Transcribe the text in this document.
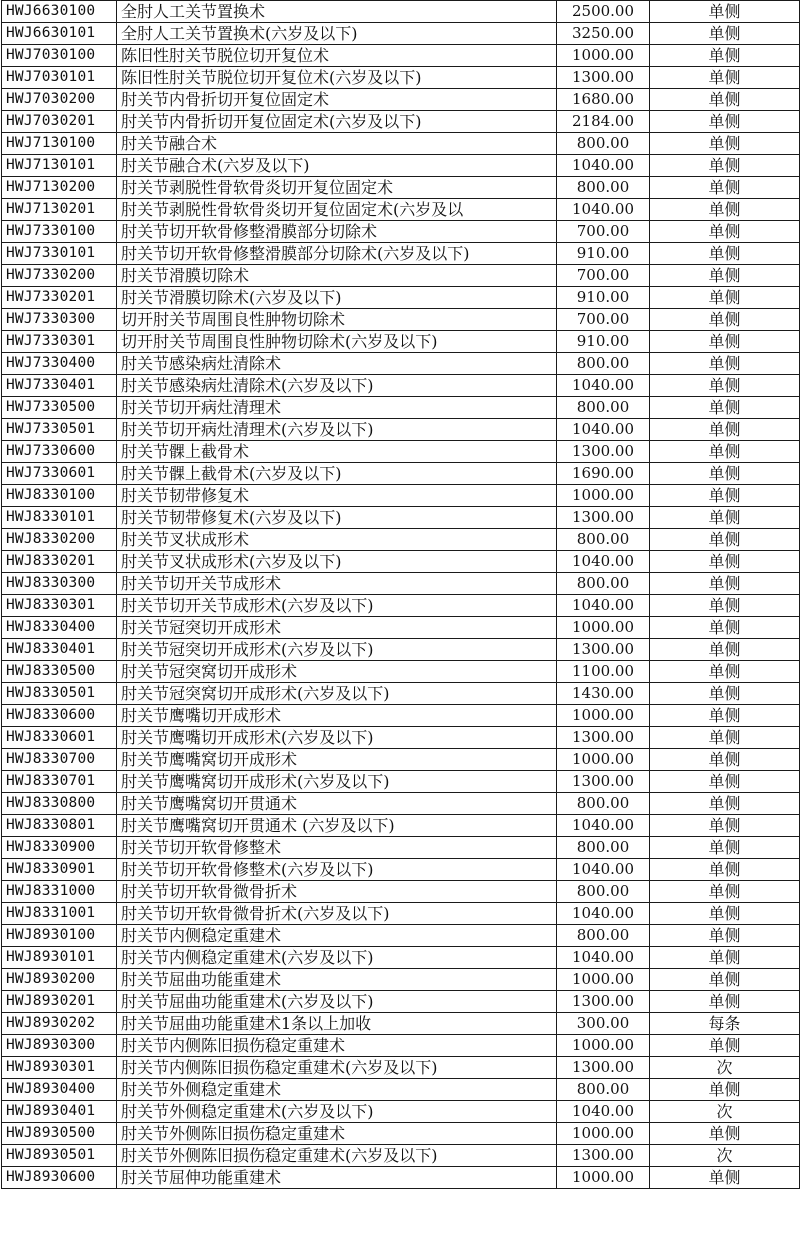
HWJ6630100	全肘人工关节置换术	2500.00	单侧
HWJ6630101	全肘人工关节置换术(六岁及以下)	3250.00	单侧
HWJ7030100	陈旧性肘关节脱位切开复位术	1000.00	单侧
HWJ7030101	陈旧性肘关节脱位切开复位术(六岁及以下)	1300.00	单侧
HWJ7030200	肘关节内骨折切开复位固定术	1680.00	单侧
HWJ7030201	肘关节内骨折切开复位固定术(六岁及以下)	2184.00	单侧
HWJ7130100	肘关节融合术	800.00	单侧
HWJ7130101	肘关节融合术(六岁及以下)	1040.00	单侧
HWJ7130200	肘关节剥脱性骨软骨炎切开复位固定术	800.00	单侧
HWJ7130201	肘关节剥脱性骨软骨炎切开复位固定术(六岁及以	1040.00	单侧
HWJ7330100	肘关节切开软骨修整滑膜部分切除术	700.00	单侧
HWJ7330101	肘关节切开软骨修整滑膜部分切除术(六岁及以下)	910.00	单侧
HWJ7330200	肘关节滑膜切除术	700.00	单侧
HWJ7330201	肘关节滑膜切除术(六岁及以下)	910.00	单侧
HWJ7330300	切开肘关节周围良性肿物切除术	700.00	单侧
HWJ7330301	切开肘关节周围良性肿物切除术(六岁及以下)	910.00	单侧
HWJ7330400	肘关节感染病灶清除术	800.00	单侧
HWJ7330401	肘关节感染病灶清除术(六岁及以下)	1040.00	单侧
HWJ7330500	肘关节切开病灶清理术	800.00	单侧
HWJ7330501	肘关节切开病灶清理术(六岁及以下)	1040.00	单侧
HWJ7330600	肘关节髁上截骨术	1300.00	单侧
HWJ7330601	肘关节髁上截骨术(六岁及以下)	1690.00	单侧
HWJ8330100	肘关节韧带修复术	1000.00	单侧
HWJ8330101	肘关节韧带修复术(六岁及以下)	1300.00	单侧
HWJ8330200	肘关节叉状成形术	800.00	单侧
HWJ8330201	肘关节叉状成形术(六岁及以下)	1040.00	单侧
HWJ8330300	肘关节切开关节成形术	800.00	单侧
HWJ8330301	肘关节切开关节成形术(六岁及以下)	1040.00	单侧
HWJ8330400	肘关节冠突切开成形术	1000.00	单侧
HWJ8330401	肘关节冠突切开成形术(六岁及以下)	1300.00	单侧
HWJ8330500	肘关节冠突窝切开成形术	1100.00	单侧
HWJ8330501	肘关节冠突窝切开成形术(六岁及以下)	1430.00	单侧
HWJ8330600	肘关节鹰嘴切开成形术	1000.00	单侧
HWJ8330601	肘关节鹰嘴切开成形术(六岁及以下)	1300.00	单侧
HWJ8330700	肘关节鹰嘴窝切开成形术	1000.00	单侧
HWJ8330701	肘关节鹰嘴窝切开成形术(六岁及以下)	1300.00	单侧
HWJ8330800	肘关节鹰嘴窝切开贯通术	800.00	单侧
HWJ8330801	肘关节鹰嘴窝切开贯通术 (六岁及以下)	1040.00	单侧
HWJ8330900	肘关节切开软骨修整术	800.00	单侧
HWJ8330901	肘关节切开软骨修整术(六岁及以下)	1040.00	单侧
HWJ8331000	肘关节切开软骨微骨折术	800.00	单侧
HWJ8331001	肘关节切开软骨微骨折术(六岁及以下)	1040.00	单侧
HWJ8930100	肘关节内侧稳定重建术	800.00	单侧
HWJ8930101	肘关节内侧稳定重建术(六岁及以下)	1040.00	单侧
HWJ8930200	肘关节屈曲功能重建术	1000.00	单侧
HWJ8930201	肘关节屈曲功能重建术(六岁及以下)	1300.00	单侧
HWJ8930202	肘关节屈曲功能重建术1条以上加收	300.00	每条
HWJ8930300	肘关节内侧陈旧损伤稳定重建术	1000.00	单侧
HWJ8930301	肘关节内侧陈旧损伤稳定重建术(六岁及以下)	1300.00	次
HWJ8930400	肘关节外侧稳定重建术	800.00	单侧
HWJ8930401	肘关节外侧稳定重建术(六岁及以下)	1040.00	次
HWJ8930500	肘关节外侧陈旧损伤稳定重建术	1000.00	单侧
HWJ8930501	肘关节外侧陈旧损伤稳定重建术(六岁及以下)	1300.00	次
HWJ8930600	肘关节屈伸功能重建术	1000.00	单侧
